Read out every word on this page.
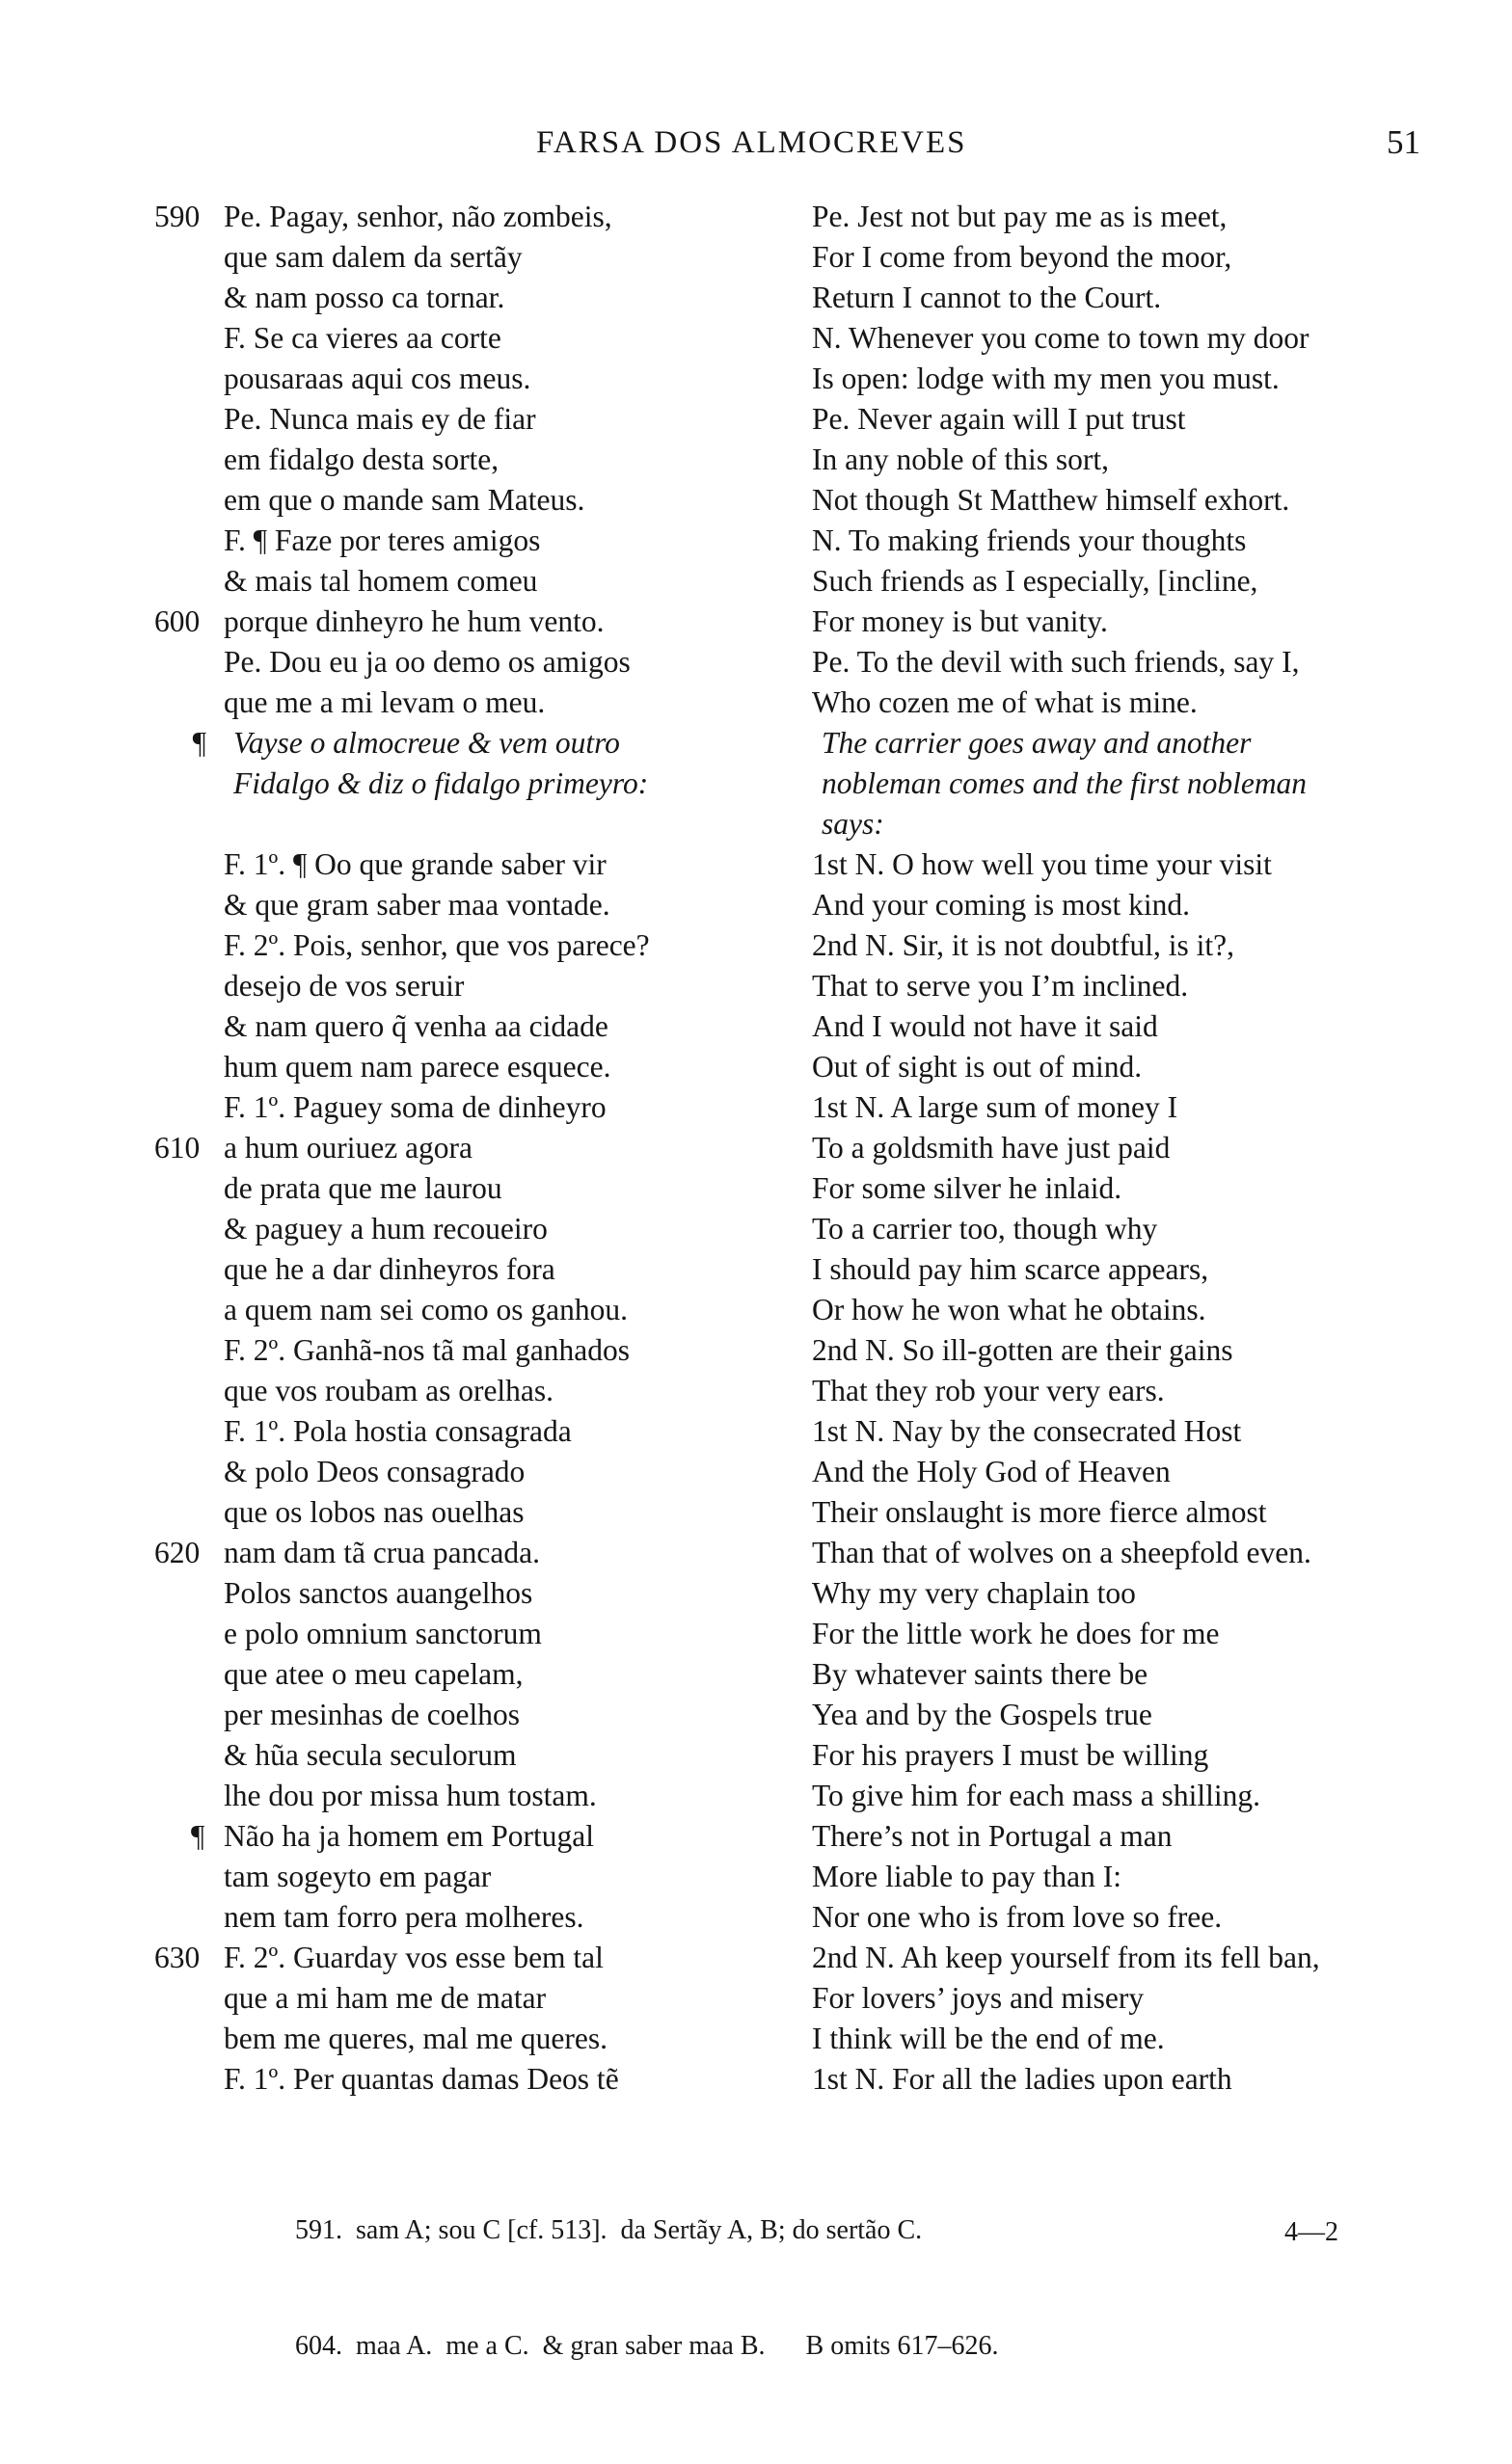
FARSA DOS ALMOCREVES	51
590 Pe. Pagay, senhor, não zombeis,
que sam dalem da sertãy
& nam posso ca tornar.
F. Se ca vieres aa corte
pousaraas aqui cos meus.
Pe. Nunca mais ey de fiar
em fidalgo desta sorte,
em que o mande sam Mateus.
F. ¶ Faze por teres amigos
& mais tal homem comeu
600 porque dinheyro he hum vento.
Pe. Dou eu ja oo demo os amigos
que me a mi levam o meu.
¶ Vayse o almocreue & vem outro
Fidalgo & diz o fidalgo primeyro:
F. 1º. ¶ Oo que grande saber vir
& que gram saber maa vontade.
F. 2º. Pois, senhor, que vos parece?
desejo de vos seruir
& nam quero q̃ venha aa cidade
hum quem nam parece esquece.
F. 1º. Paguey soma de dinheyro
610 a hum ouriuez agora
de prata que me laurou
& paguey a hum recoueiro
que he a dar dinheyros fora
a quem nam sei como os ganhou.
F. 2º. Ganhã-nos tã mal ganhados
que vos roubam as orelhas.
F. 1º. Pola hostia consagrada
& polo Deos consagrado
que os lobos nas ouelhas
620 nam dam tã crua pancada.
Polos sanctos auangelhos
e polo omnium sanctorum
que atee o meu capelam,
per mesinhas de coelhos
& hũa secula seculorum
lhe dou por missa hum tostam.
¶ Não ha ja homem em Portugal
tam sogeyto em pagar
nem tam forro pera molheres.
630 F. 2º. Guarday vos esse bem tal
que a mi ham me de matar
bem me queres, mal me queres.
F. 1º. Per quantas damas Deos tẽ
Pe. Jest not but pay me as is meet,
For I come from beyond the moor,
Return I cannot to the Court.
N. Whenever you come to town my door
Is open: lodge with my men you must.
Pe. Never again will I put trust
In any noble of this sort,
Not though St Matthew himself exhort.
N. To making friends your thoughts
Such friends as I especially, [incline,
For money is but vanity.
Pe. To the devil with such friends, say I,
Who cozen me of what is mine.
The carrier goes away and another
nobleman comes and the first nobleman
says:
1st N. O how well you time your visit
And your coming is most kind.
2nd N. Sir, it is not doubtful, is it?,
That to serve you I’m inclined.
And I would not have it said
Out of sight is out of mind.
1st N. A large sum of money I
To a goldsmith have just paid
For some silver he inlaid.
To a carrier too, though why
I should pay him scarce appears,
Or how he won what he obtains.
2nd N. So ill-gotten are their gains
That they rob your very ears.
1st N. Nay by the consecrated Host
And the Holy God of Heaven
Their onslaught is more fierce almost
Than that of wolves on a sheepfold even.
Why my very chaplain too
For the little work he does for me
By whatever saints there be
Yea and by the Gospels true
For his prayers I must be willing
To give him for each mass a shilling.
There’s not in Portugal a man
More liable to pay than I:
Nor one who is from love so free.
2nd N. Ah keep yourself from its fell ban,
For lovers’ joys and misery
I think will be the end of me.
1st N. For all the ladies upon earth

591.  sam A; sou C [cf. 513].  da Sertãy A, B; do sertão C.

604.  maa A.  me a C.  & gran saber maa B.      B omits 617–626.

4—2
